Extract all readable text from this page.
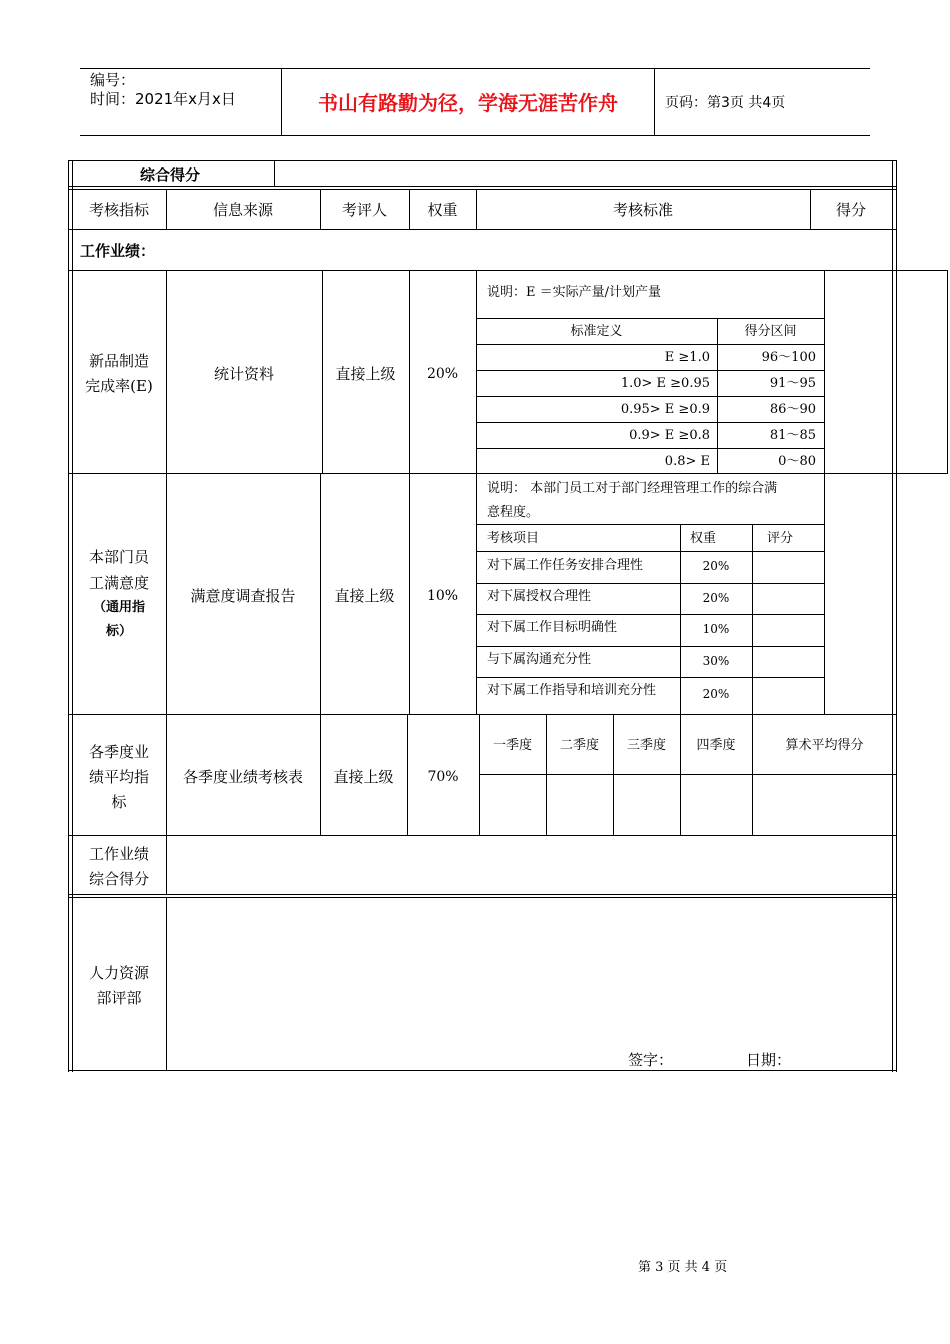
编号：
时间：2021年x月x日	书山有路勤为径，学海无涯苦作舟	页码：第3页 共4页
综合得分
考核指标	信息来源	考评人	权重	考核标准	得分
工作业绩：
新品制造
完成率(E)
统计资料	直接上级	20%
说明：E ＝实际产量/计划产量
标准定义	得分区间
E ≥1.0	96～100
1.0> E ≥0.95	91～95
0.95> E ≥0.9	86～90
0.9> E ≥0.8	81～85
0.8> E	0～80
本部门员
工满意度
（通用指
标）
满意度调查报告	直接上级	10%
说明： 本部门员工对于部门经理管理工作的综合满
意程度。
考核项目	权重	评分
对下属工作任务安排合理性	20%
对下属授权合理性	20%
对下属工作目标明确性	10%
与下属沟通充分性	30%
对下属工作指导和培训充分性	20%
各季度业
绩平均指
标
各季度业绩考核表	直接上级	70%
一季度	二季度	三季度	四季度	算术平均得分
工作业绩
综合得分
人力资源
部评部
签字：	日期：
第 3 页 共 4 页
